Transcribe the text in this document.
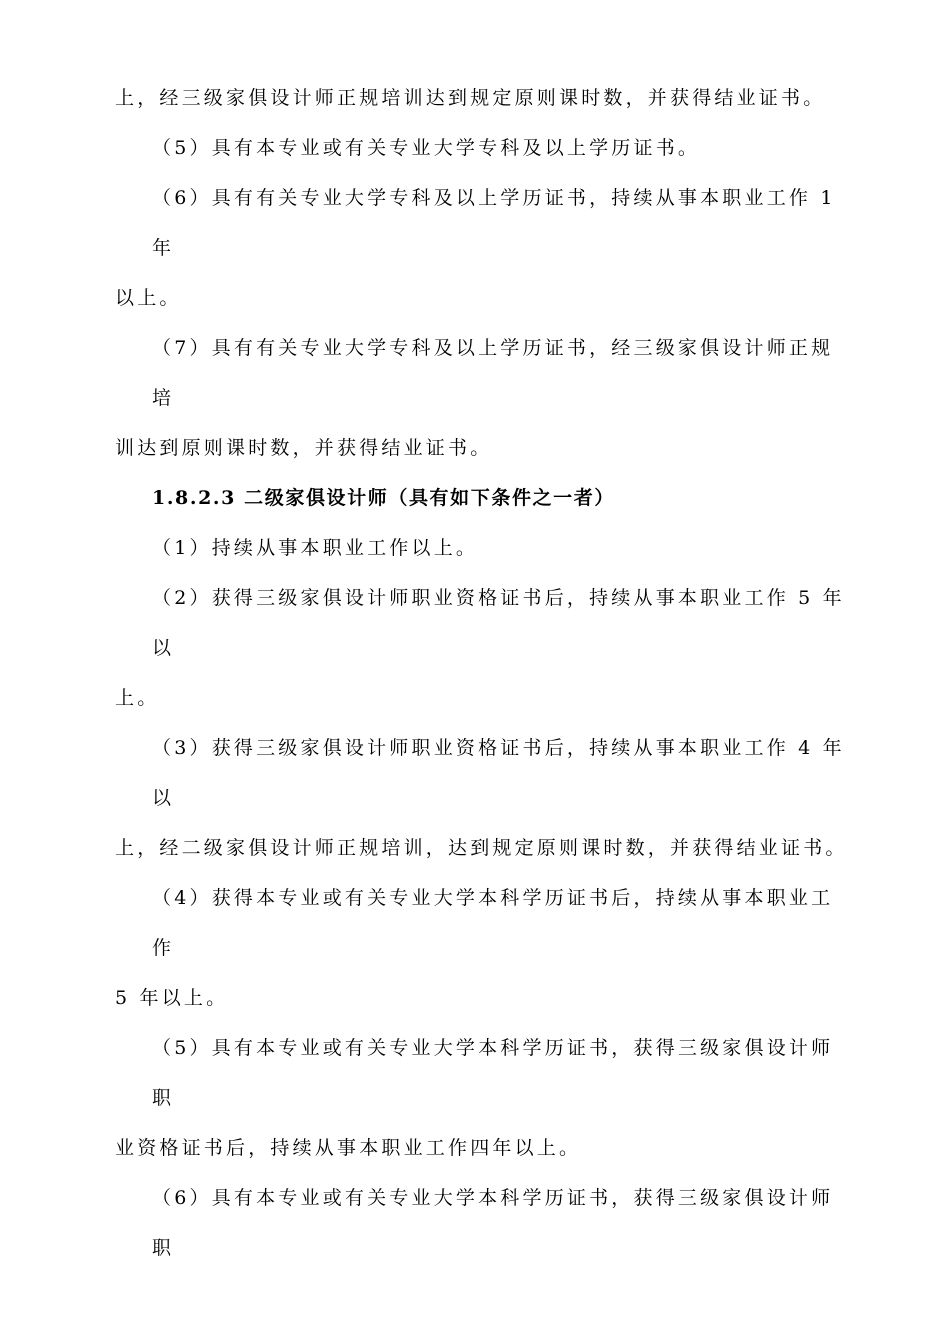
上，经三级家俱设计师正规培训达到规定原则课时数，并获得结业证书。
（5）具有本专业或有关专业大学专科及以上学历证书。
（6）具有有关专业大学专科及以上学历证书，持续从事本职业工作 1
年
以上。
（7）具有有关专业大学专科及以上学历证书，经三级家俱设计师正规
培
训达到原则课时数，并获得结业证书。
1.8.2.3 二级家俱设计师（具有如下条件之一者）
（1）持续从事本职业工作以上。
（2）获得三级家俱设计师职业资格证书后，持续从事本职业工作 5 年
以
上。
（3）获得三级家俱设计师职业资格证书后，持续从事本职业工作 4 年
以
上，经二级家俱设计师正规培训，达到规定原则课时数，并获得结业证书。
（4）获得本专业或有关专业大学本科学历证书后，持续从事本职业工
作
5 年以上。
（5）具有本专业或有关专业大学本科学历证书，获得三级家俱设计师
职
业资格证书后，持续从事本职业工作四年以上。
（6）具有本专业或有关专业大学本科学历证书，获得三级家俱设计师
职
